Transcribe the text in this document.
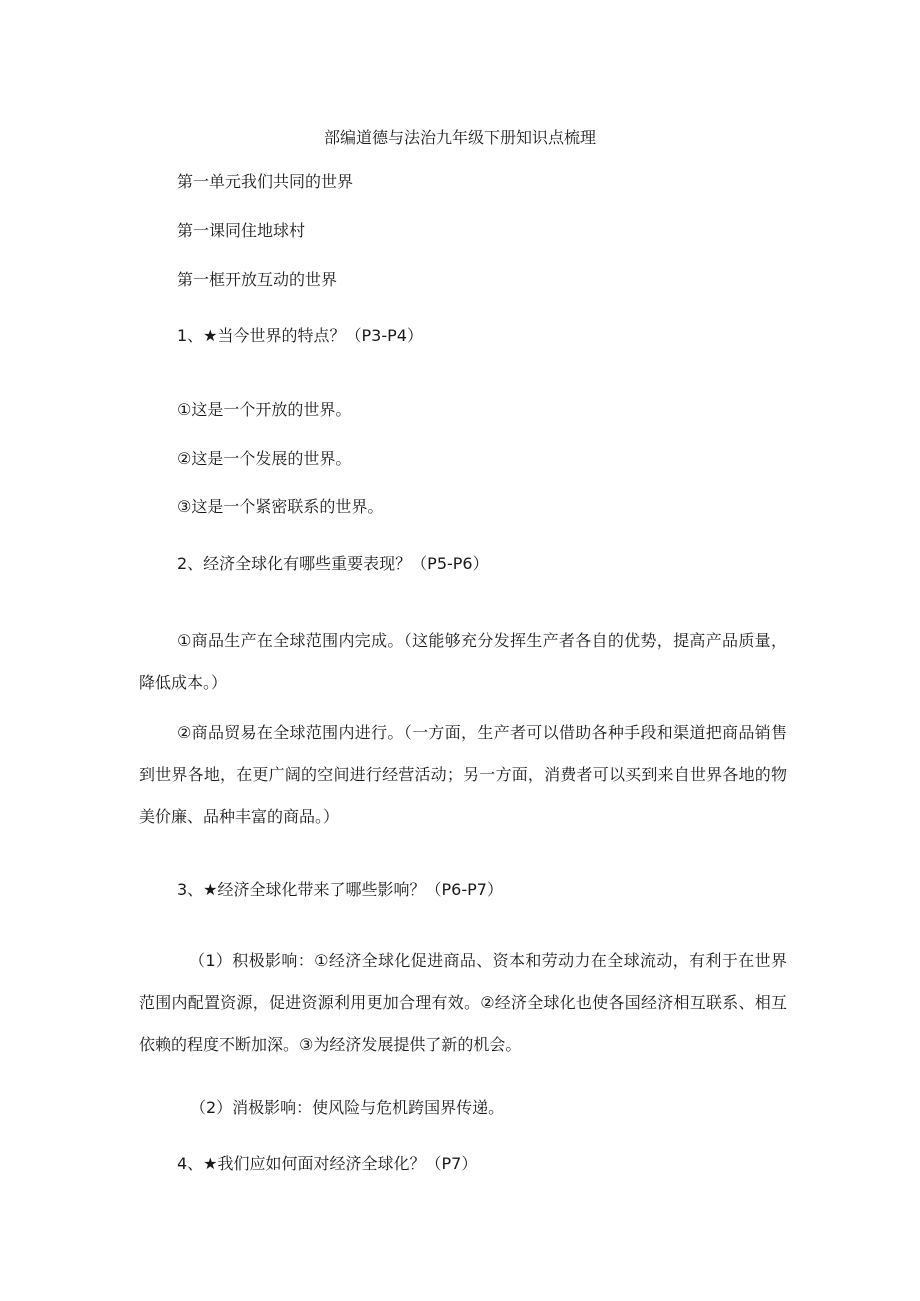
部编道德与法治九年级下册知识点梳理
第一单元我们共同的世界
第一课同住地球村
第一框开放互动的世界
1、★当今世界的特点？（P3-P4）
①这是一个开放的世界。
②这是一个发展的世界。
③这是一个紧密联系的世界。
2、经济全球化有哪些重要表现？（P5-P6）
①商品生产在全球范围内完成。（这能够充分发挥生产者各自的优势，提高产品质量，降低成本。）
②商品贸易在全球范围内进行。（一方面，生产者可以借助各种手段和渠道把商品销售到世界各地，在更广阔的空间进行经营活动；另一方面，消费者可以买到来自世界各地的物美价廉、品种丰富的商品。）
3、★经济全球化带来了哪些影响？（P6-P7）
（1）积极影响：①经济全球化促进商品、资本和劳动力在全球流动，有利于在世界范围内配置资源，促进资源利用更加合理有效。②经济全球化也使各国经济相互联系、相互依赖的程度不断加深。③为经济发展提供了新的机会。
（2）消极影响：使风险与危机跨国界传递。
4、★我们应如何面对经济全球化？（P7）
